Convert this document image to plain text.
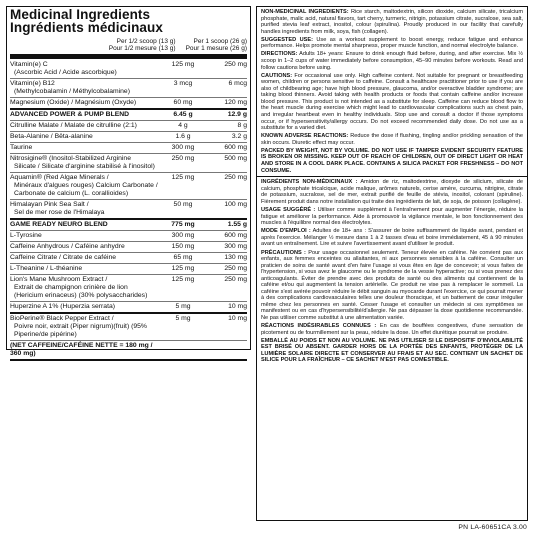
Medicinal Ingredients
Ingrédients médicinaux
Per 1/2 scoop (13 g)
Pour 1/2 mesure (13 g)
Per 1 scoop (26 g)
Pour 1 mesure (26 g)
Vitamin(e) C
(Ascorbic Acid / Acide ascorbique)
125 mg	250 mg
Vitamin(e) B12
(Methylcobalamin / Méthylcobalamine)
3 mcg	6 mcg
Magnesium (Oxide) / Magnésium (Oxyde)	60 mg	120 mg
ADVANCED POWER & PUMP BLEND	6.45 g	12.9 g
Citrulline Malate / Malate de citrulline (2:1)	4 g	8 g
Beta-Alanine / Bêta-alanine	1.6 g	3.2 g
Taurine	300 mg	600 mg
Nitrosigine® (Inositol-Stabilized Arginine
Silicate / Silicate d'arginine stabilisé à l'inositol)
250 mg	500 mg
Aquamin® (Red Algae Minerals /
Minéraux d'algues rouges) Calcium Carbonate /
Carbonate de calcium (L. corallioides)
125 mg	250 mg
Himalayan Pink Sea Salt /
Sel de mer rose de l'Himalaya
50 mg	100 mg
GAME READY NEURO BLEND	775 mg	1.55 g
L-Tyrosine	300 mg	600 mg
Caffeine Anhydrous / Caféine anhydre	150 mg	300 mg
Caffeine Citrate / Citrate de caféine	65 mg	130 mg
L-Theanine / L-théanine	125 mg	250 mg
Lion's Mane Mushroom Extract /
Extrait de champignon crinière de lion
(Hericium erinaceus) (30% polysaccharides)
125 mg	250 mg
Huperzine A 1% (Huperzia serrata)	5 mg	10 mg
BioPerine® Black Pepper Extract /
Poivre noir, extrait (Piper nigrum)(fruit) (95% Piperine/de pipérine)
5 mg	10 mg
(NET CAFFEINE/CAFÉINE NETTE = 180 mg / 360 mg)

NON-MEDICINAL INGREDIENTS: Rice starch, maltodextrin, silicon dioxide, calcium silicate, tricalcium phosphate, malic acid, natural flavors, tart cherry, turmeric, nitrigin, potassium citrate, sucralose, sea salt, purified stevia leaf extract, inositol, colour (spirulina). Proudly produced in our facility that carefully handles ingredients from milk, soya, fish (collagen).

SUGGESTED USE: Use as a workout supplement to boost energy, reduce fatigue and enhance performance. Helps promote mental sharpness, proper muscle function, and normal electrolyte balance.

DIRECTIONS: Adults 18+ years: Ensure to drink enough fluid before, during, and after exercise. Mix ½ scoop in 1–2 cups of water immediately before consumption, 45–90 minutes before workouts. Read and follow cautions before using.

CAUTIONS: For occasional use only. High caffeine content. Not suitable for pregnant or breastfeeding women, children or persons sensitive to caffeine. Consult a healthcare practitioner prior to use if you are also of childbearing age; have high blood pressure, glaucoma, and/or overactive bladder syndrome; are taking blood thinners. Avoid taking with health products or foods that contain caffeine and/or increase blood pressure. This product is not intended as a substitute for sleep. Caffeine can reduce blood flow to the heart muscle during exercise which might lead to cardiovascular complications such as chest pain, and irregular heartbeat even in healthy individuals. Stop use and consult a doctor if those symptoms occur, or if hypersensitivity/allergy occurs. Do not exceed recommended daily dose. Do not use as a substitute for a varied diet.

KNOWN ADVERSE REACTIONS: Reduce the dose if flushing, tingling and/or prickling sensation of the skin occurs. Diuretic effect may occur.

PACKED BY WEIGHT, NOT BY VOLUME. DO NOT USE IF TAMPER EVIDENT SECURITY FEATURE IS BROKEN OR MISSING. KEEP OUT OF REACH OF CHILDREN, OUT OF DIRECT LIGHT OR HEAT AND STORE IN A COOL DARK PLACE. CONTAINS A SILICA PACKET FOR FRESHNESS – DO NOT CONSUME.

INGRÉDIENTS NON-MÉDICINAUX : Amidon de riz, maltodextrine, dioxyde de silicium, silicate de calcium, phosphate tricalcique, acide malique, arômes naturels, cerise amère, curcuma, nitrigine, citrate de potassium, sucralose, sel de mer, extrait purifié de feuille de stévia, inositol, colorant (spiruline). Fièrement produit dans notre installation qui traite des ingrédients de lait, de soja, de poisson (collagène).

USAGE SUGGÉRÉ : Utiliser comme supplément à l'entraînement pour augmenter l'énergie, réduire la fatigue et améliorer la performance. Aide à promouvoir la vigilance mentale, le bon fonctionnement des muscles à l'équilibre normal des électrolytes.

MODE D'EMPLOI : Adultes de 18+ ans : S'assurer de boire suffisamment de liquide avant, pendant et après l'exercice. Mélanger ½ mesure dans 1 à 2 tasses d'eau et boire immédiatement, 45 à 90 minutes avant un entraînement. Lire et suivre l'avertissement avant d'utiliser le produit.

PRÉCAUTIONS : Pour usage occasionnel seulement. Teneur élevée en caféine. Ne convient pas aux enfants, aux femmes enceintes ou allaitantes, ni aux personnes sensibles à la caféine. Consulter un praticien de soins de santé avant d'en faire l'usage si vous êtes en âge de concevoir; si vous faites de l'hypertension, si vous avez le glaucome ou le syndrome de la vessie hyperactive; ou si vous prenez des anticoagulants. Éviter de prendre avec des produits de santé ou des aliments qui contiennent de la caféine et/ou qui augmentent la tension artérielle. Ce produit ne vise pas à remplacer le sommeil. La caféine s'est avérée pouvoir réduire le débit sanguin au myocarde durant l'exercice, ce qui pourrait mener à des complications cardiovasculaires telles une douleur thoracique, et un battement de cœur irrégulier même chez les personnes en santé. Cesser l'usage et consulter un médecin si ces symptômes se manifestent ou en cas d'hypersensibilité/d'allergie. Ne pas dépasser la dose quotidienne recommandée. Ne pas utiliser comme substitut à une alimentation variée.

RÉACTIONS INDÉSIRABLES CONNUES : En cas de bouffées congestives, d'une sensation de picotement ou de fourmillement sur la peau, réduire la dose. Un effet diurétique pourrait se produire.

EMBALLÉ AU POIDS ET NON AU VOLUME. NE PAS UTILISER SI LE DISPOSITIF D'INVIOLABILITÉ EST BRISÉ OU ABSENT. GARDER HORS DE LA PORTÉE DES ENFANTS, PROTÉGER DE LA LUMIÈRE SOLAIRE DIRECTE ET CONSERVER AU FRAIS ET AU SEC. CONTIENT UN SACHET DE SILICE POUR LA FRAÎCHEUR – CE SACHET N'EST PAS COMESTIBLE.

PN LA-60651CA 3.00
